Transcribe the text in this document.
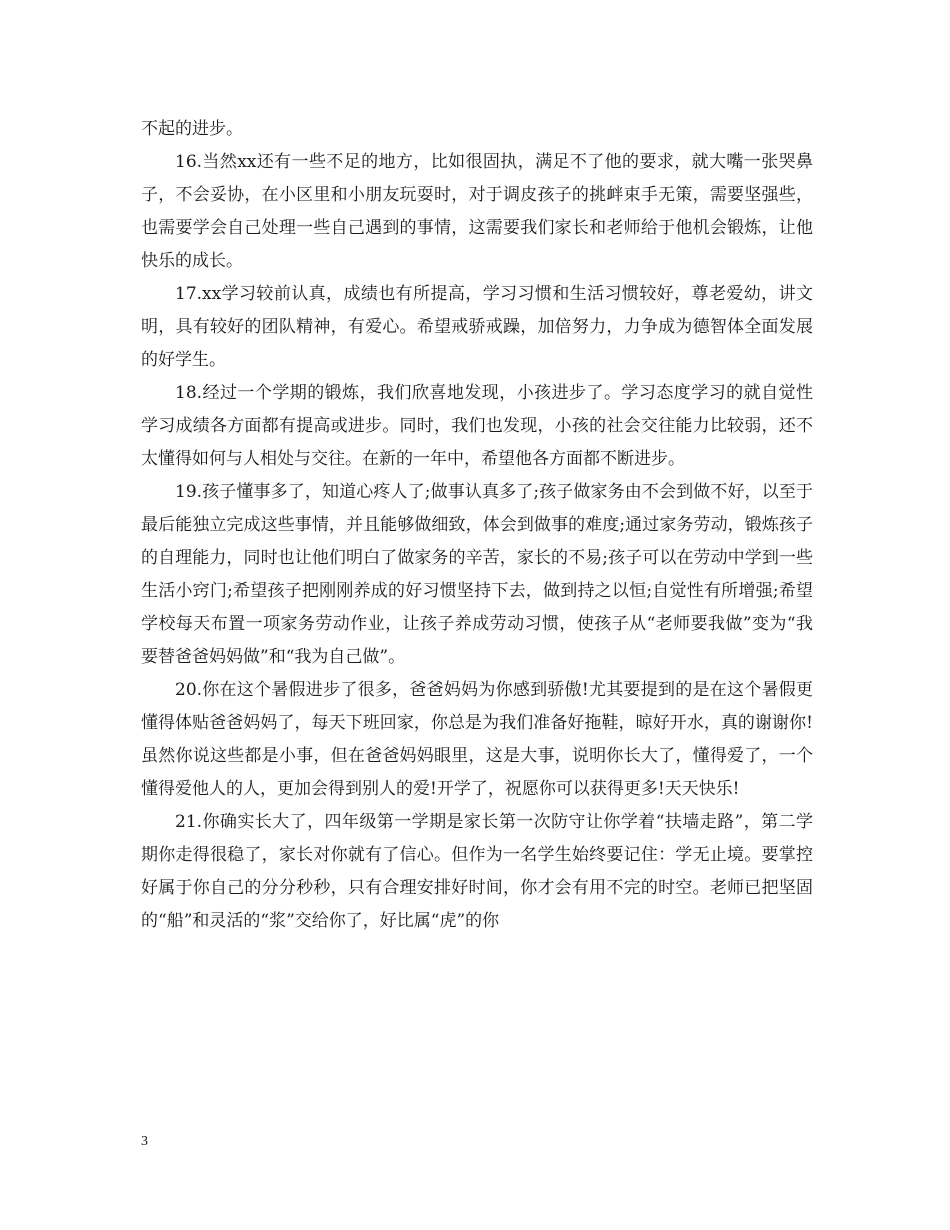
不起的进步。

16.当然xx还有一些不足的地方，比如很固执，满足不了他的要求，就大嘴一张哭鼻子，不会妥协，在小区里和小朋友玩耍时，对于调皮孩子的挑衅束手无策，需要坚强些，也需要学会自己处理一些自己遇到的事情，这需要我们家长和老师给于他机会锻炼，让他快乐的成长。

17.xx学习较前认真，成绩也有所提高，学习习惯和生活习惯较好，尊老爱幼，讲文明，具有较好的团队精神，有爱心。希望戒骄戒躁，加倍努力，力争成为德智体全面发展的好学生。

18.经过一个学期的锻炼，我们欣喜地发现，小孩进步了。学习态度学习的就自觉性学习成绩各方面都有提高或进步。同时，我们也发现，小孩的社会交往能力比较弱，还不太懂得如何与人相处与交往。在新的一年中，希望他各方面都不断进步。

19.孩子懂事多了，知道心疼人了;做事认真多了;孩子做家务由不会到做不好，以至于最后能独立完成这些事情，并且能够做细致，体会到做事的难度;通过家务劳动，锻炼孩子的自理能力，同时也让他们明白了做家务的辛苦，家长的不易;孩子可以在劳动中学到一些生活小窍门;希望孩子把刚刚养成的好习惯坚持下去，做到持之以恒;自觉性有所增强;希望学校每天布置一项家务劳动作业，让孩子养成劳动习惯，使孩子从“老师要我做”变为“我要替爸爸妈妈做”和“我为自己做”。

20.你在这个暑假进步了很多，爸爸妈妈为你感到骄傲!尤其要提到的是在这个暑假更懂得体贴爸爸妈妈了，每天下班回家，你总是为我们准备好拖鞋，晾好开水，真的谢谢你!虽然你说这些都是小事，但在爸爸妈妈眼里，这是大事，说明你长大了，懂得爱了，一个懂得爱他人的人，更加会得到别人的爱!开学了，祝愿你可以获得更多!天天快乐!

21.你确实长大了，四年级第一学期是家长第一次防守让你学着“扶墙走路”，第二学期你走得很稳了，家长对你就有了信心。但作为一名学生始终要记住：学无止境。要掌控好属于你自己的分分秒秒，只有合理安排好时间，你才会有用不完的时空。老师已把坚固的“船”和灵活的“浆”交给你了，好比属“虎”的你

3
